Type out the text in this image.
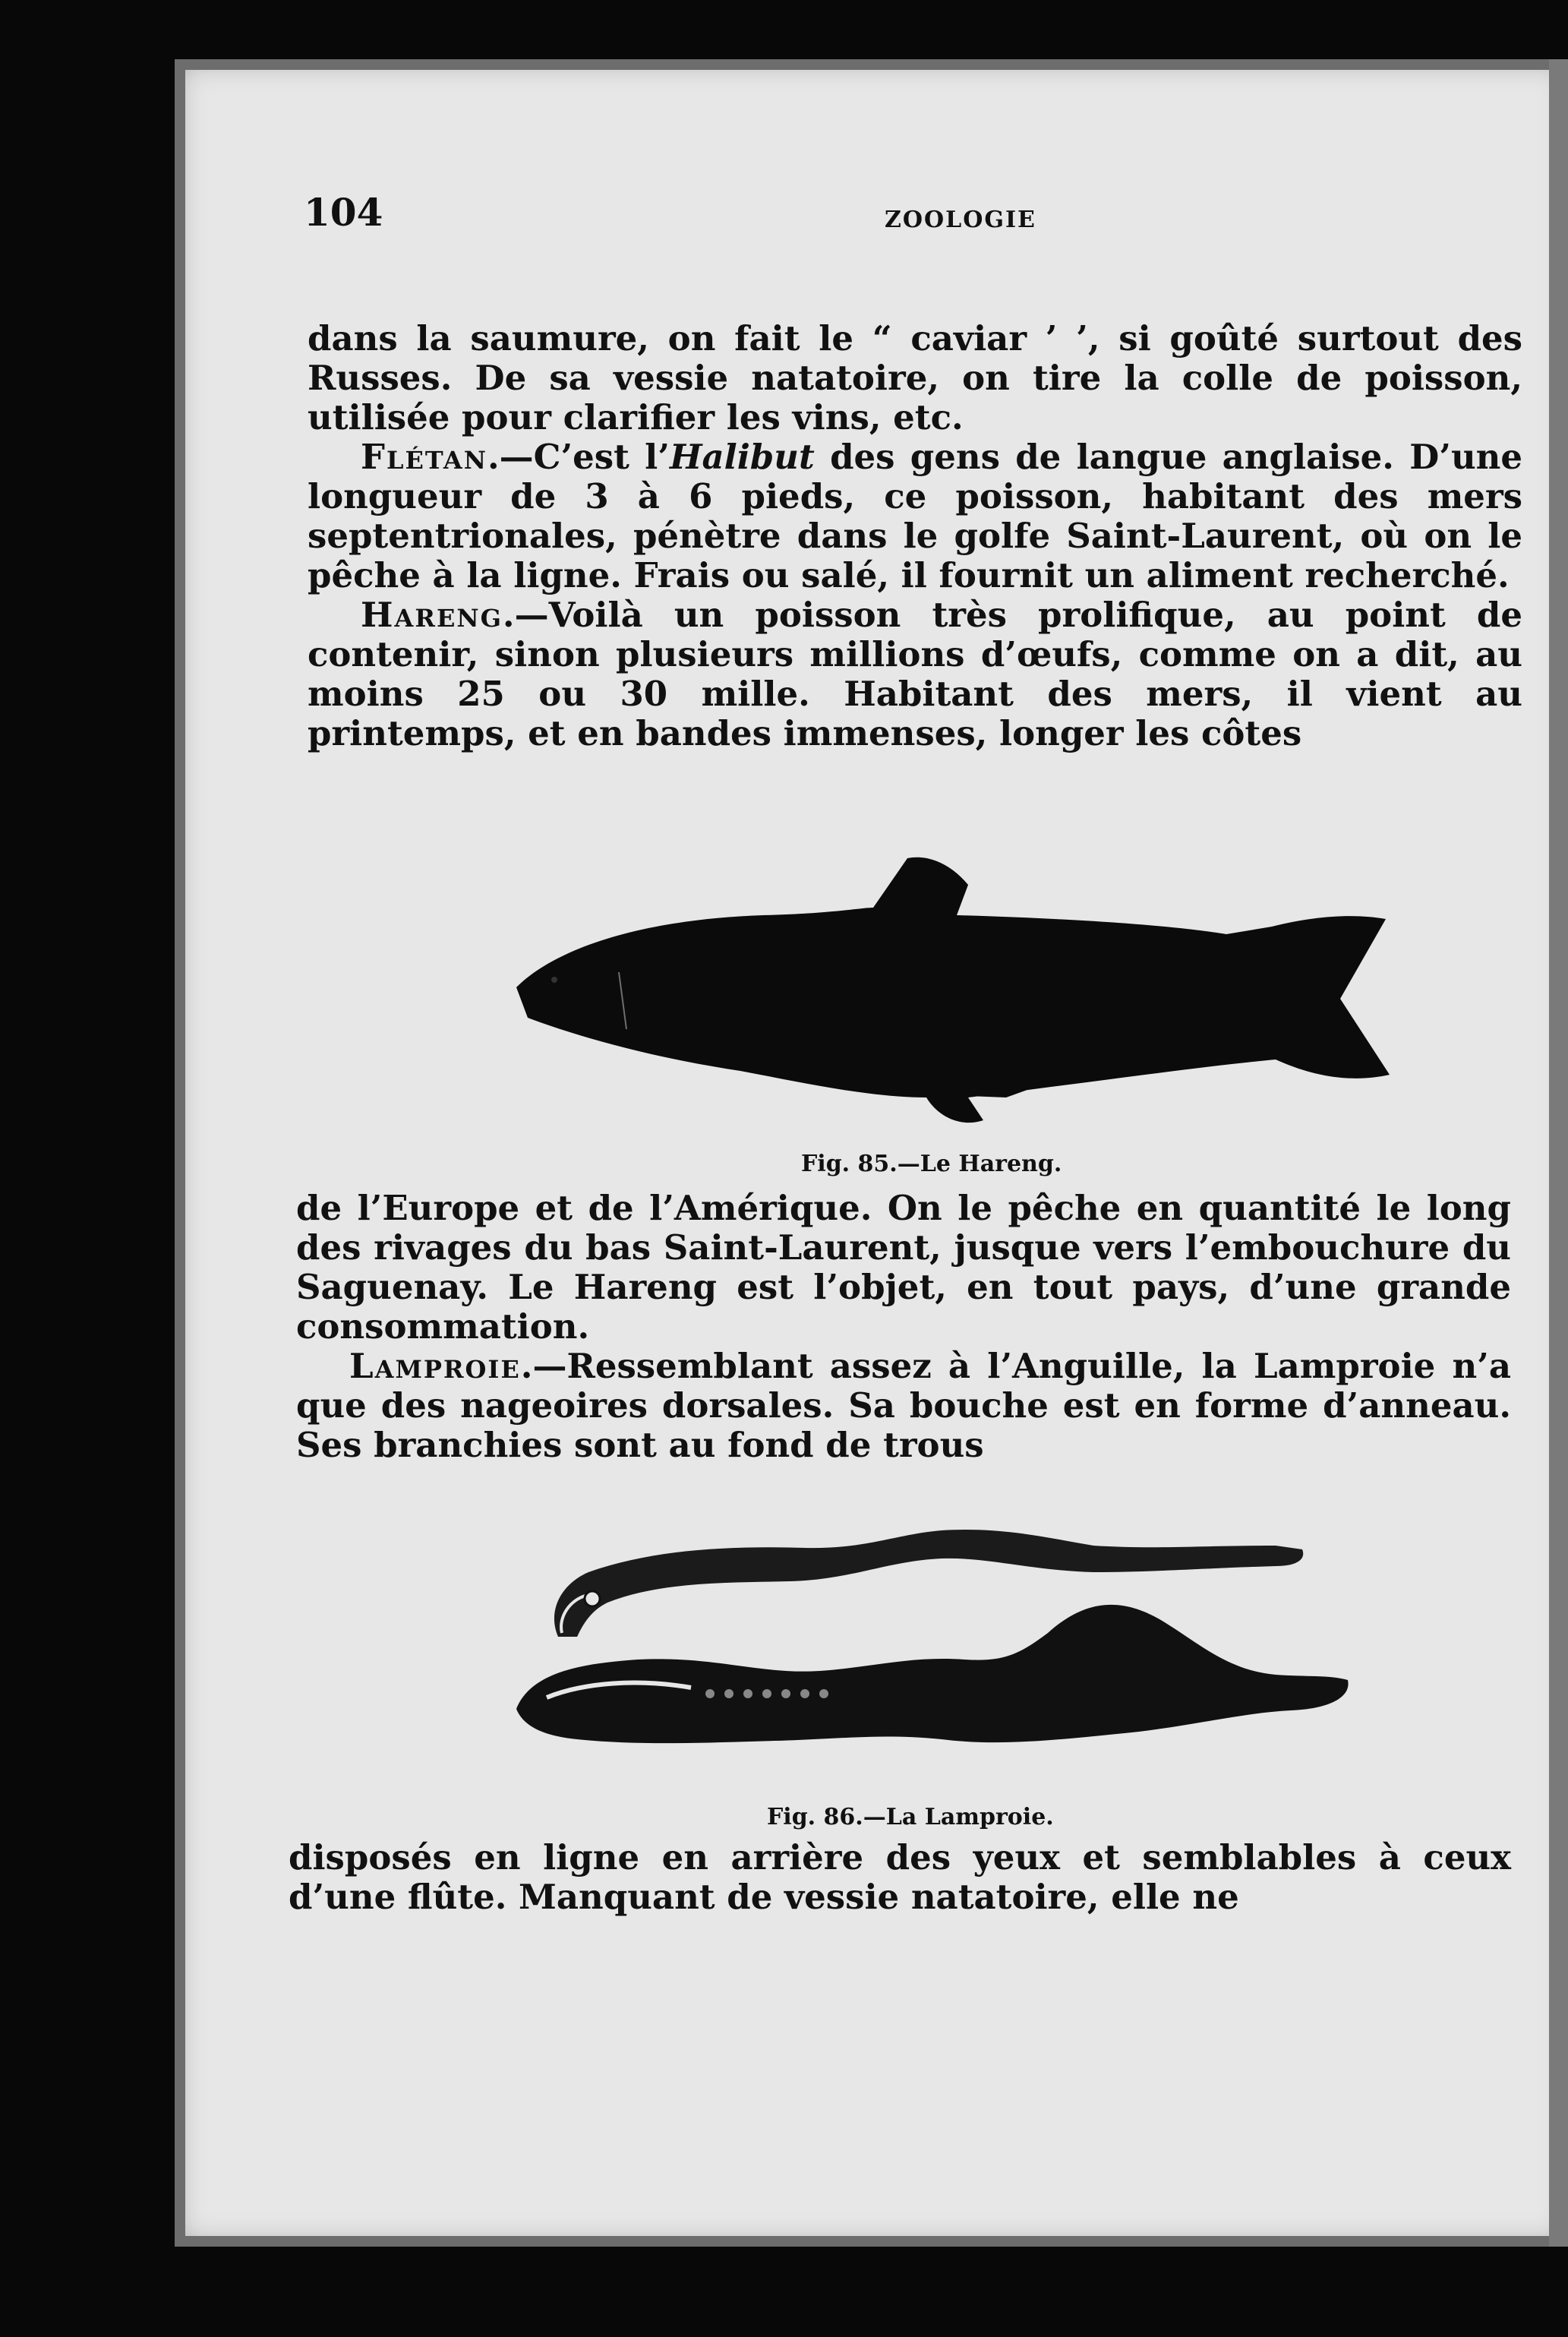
104	ZOOLOGIE

dans la saumure, on fait le “ caviar ’ ’, si goûté surtout des Russes. De sa vessie natatoire, on tire la colle de poisson, utilisée pour clarifier les vins, etc.

Flétan.—C’est l’Halibut des gens de langue anglaise. D’une longueur de 3 à 6 pieds, ce poisson, habitant des mers septentrionales, pénètre dans le golfe Saint-Laurent, où on le pêche à la ligne. Frais ou salé, il fournit un aliment recherché.

Hareng.—Voilà un poisson très prolifique, au point de contenir, sinon plusieurs millions d’œufs, comme on a dit, au moins 25 ou 30 mille. Habitant des mers, il vient au printemps, et en bandes immenses, longer les côtes

Fig. 85.—Le Hareng.

de l’Europe et de l’Amérique. On le pêche en quantité le long des rivages du bas Saint-Laurent, jusque vers l’embouchure du Saguenay. Le Hareng est l’objet, en tout pays, d’une grande consommation.

Lamproie.—Ressemblant assez à l’Anguille, la Lamproie n’a que des nageoires dorsales. Sa bouche est en forme d’anneau. Ses branchies sont au fond de trous

Fig. 86.—La Lamproie.

disposés en ligne en arrière des yeux et semblables à ceux d’une flûte. Manquant de vessie natatoire, elle ne
